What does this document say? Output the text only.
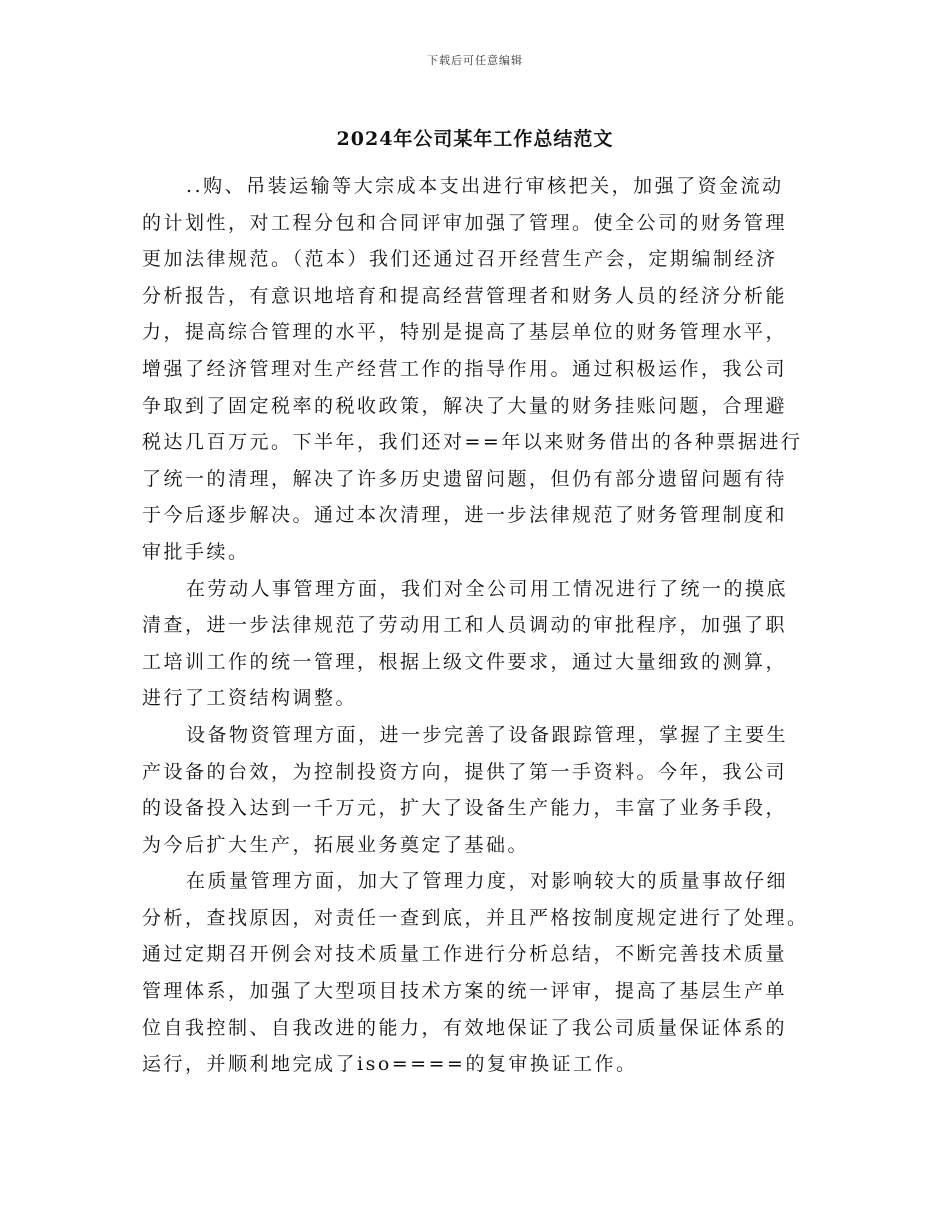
下载后可任意编辑
2024年公司某年工作总结范文

..购、吊装运输等大宗成本支出进行审核把关，加强了资金流动
的计划性，对工程分包和合同评审加强了管理。使全公司的财务管理
更加法律规范。（范本）我们还通过召开经营生产会，定期编制经济
分析报告，有意识地培育和提高经营管理者和财务人员的经济分析能
力，提高综合管理的水平，特别是提高了基层单位的财务管理水平，
增强了经济管理对生产经营工作的指导作用。通过积极运作，我公司
争取到了固定税率的税收政策，解决了大量的财务挂账问题，合理避
税达几百万元。下半年，我们还对==年以来财务借出的各种票据进行
了统一的清理，解决了许多历史遗留问题，但仍有部分遗留问题有待
于今后逐步解决。通过本次清理，进一步法律规范了财务管理制度和
审批手续。

在劳动人事管理方面，我们对全公司用工情况进行了统一的摸底
清查，进一步法律规范了劳动用工和人员调动的审批程序，加强了职
工培训工作的统一管理，根据上级文件要求，通过大量细致的测算，
进行了工资结构调整。

设备物资管理方面，进一步完善了设备跟踪管理，掌握了主要生
产设备的台效，为控制投资方向，提供了第一手资料。今年，我公司
的设备投入达到一千万元，扩大了设备生产能力，丰富了业务手段，
为今后扩大生产，拓展业务奠定了基础。

在质量管理方面，加大了管理力度，对影响较大的质量事故仔细
分析，查找原因，对责任一查到底，并且严格按制度规定进行了处理。
通过定期召开例会对技术质量工作进行分析总结，不断完善技术质量
管理体系，加强了大型项目技术方案的统一评审，提高了基层生产单
位自我控制、自我改进的能力，有效地保证了我公司质量保证体系的
运行，并顺利地完成了iso====的复审换证工作。
